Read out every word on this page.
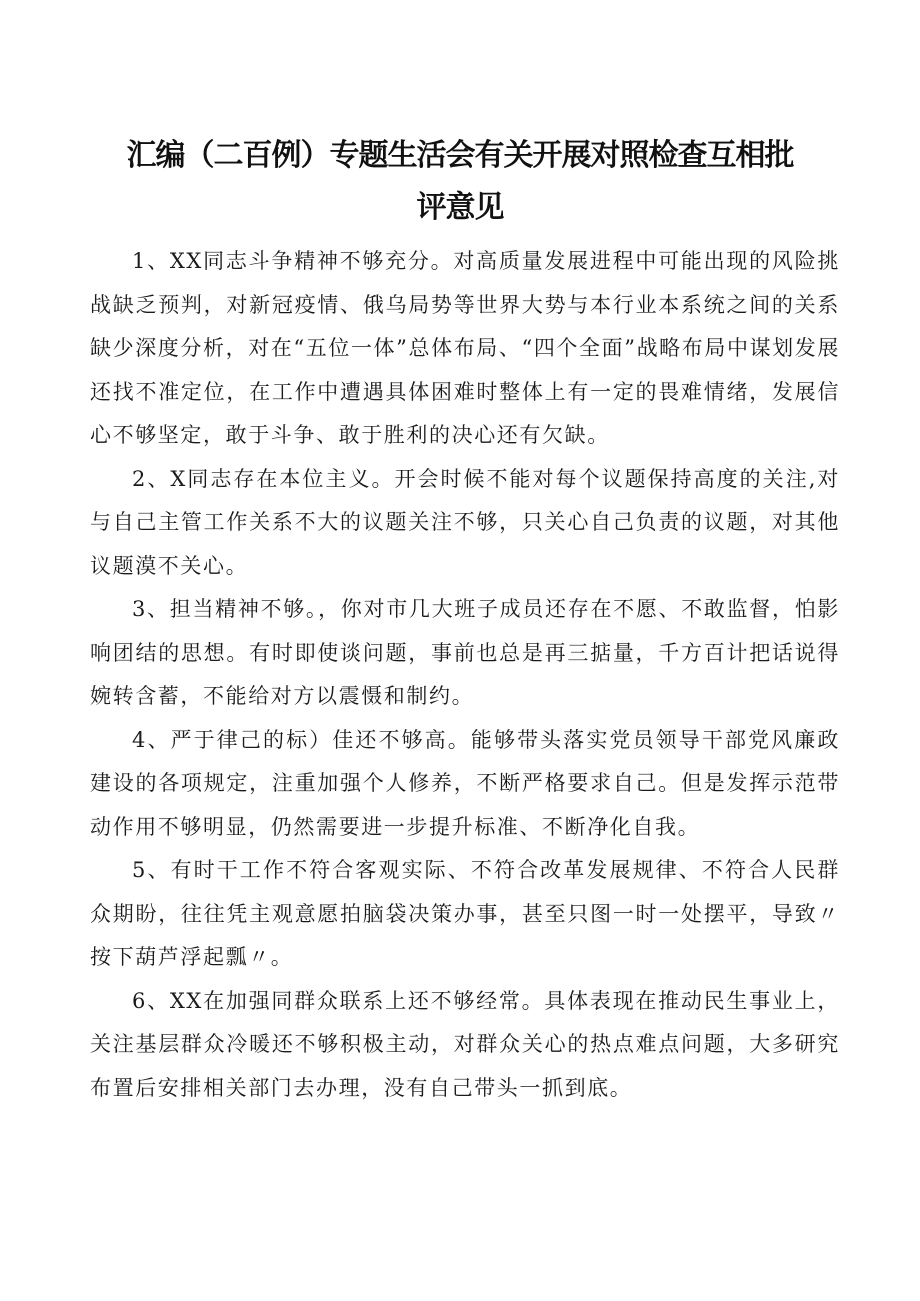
汇编（二百例）专题生活会有关开展对照检查互相批
评意见

1、XX同志斗争精神不够充分。对高质量发展进程中可能出现的风险挑战缺乏预判，对新冠疫情、俄乌局势等世界大势与本行业本系统之间的关系缺少深度分析，对在“五位一体”总体布局、“四个全面”战略布局中谋划发展还找不准定位，在工作中遭遇具体困难时整体上有一定的畏难情绪，发展信心不够坚定，敢于斗争、敢于胜利的决心还有欠缺。

2、X同志存在本位主义。开会时候不能对每个议题保持高度的关注,对与自己主管工作关系不大的议题关注不够，只关心自己负责的议题，对其他议题漠不关心。

3、担当精神不够。，你对市几大班子成员还存在不愿、不敢监督，怕影响团结的思想。有时即使谈问题，事前也总是再三掂量，千方百计把话说得婉转含蓄，不能给对方以震慑和制约。

4、严于律己的标）佳还不够高。能够带头落实党员领导干部党风廉政建设的各项规定，注重加强个人修养，不断严格要求自己。但是发挥示范带动作用不够明显，仍然需要进一步提升标准、不断净化自我。

5、有时干工作不符合客观实际、不符合改革发展规律、不符合人民群众期盼，往往凭主观意愿拍脑袋决策办事，甚至只图一时一处摆平，导致〃按下葫芦浮起瓢〃。

6、XX在加强同群众联系上还不够经常。具体表现在推动民生事业上，关注基层群众冷暖还不够积极主动，对群众关心的热点难点问题，大多研究布置后安排相关部门去办理，没有自己带头一抓到底。
